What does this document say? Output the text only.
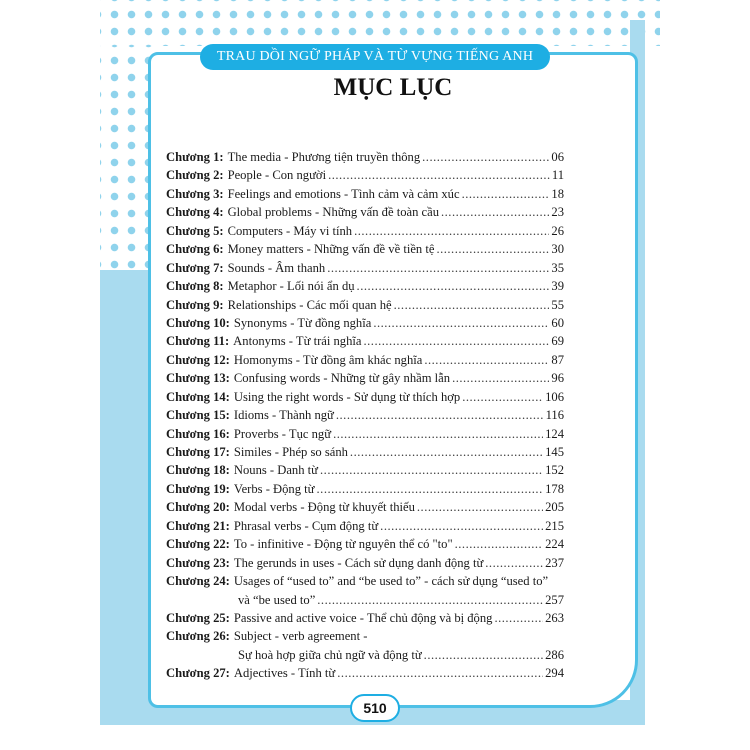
TRAU DỒI NGỮ PHÁP VÀ TỪ VỰNG TIẾNG ANH
MỤC LỤC
Chương 1: The media - Phương tiện truyền thông .....	06
Chương 2: People - Con người .....	11
Chương 3: Feelings and emotions - Tình cảm và cảm xúc .....	18
Chương 4: Global problems - Những vấn đề toàn cầu .....	23
Chương 5: Computers - Máy vi tính .....	26
Chương 6: Money matters - Những vấn đề về tiền tệ .....	30
Chương 7: Sounds - Âm thanh .....	35
Chương 8: Metaphor - Lối nói ẩn dụ .....	39
Chương 9: Relationships - Các mối quan hệ .....	55
Chương 10: Synonyms - Từ đồng nghĩa .....	60
Chương 11: Antonyms - Từ trái nghĩa .....	69
Chương 12: Homonyms - Từ đồng âm khác nghĩa .....	87
Chương 13: Confusing words - Những từ gây nhầm lẫn .....	96
Chương 14: Using the right words - Sử dụng từ thích hợp .....	106
Chương 15: Idioms - Thành ngữ .....	116
Chương 16: Proverbs - Tục ngữ .....	124
Chương 17: Similes - Phép so sánh .....	145
Chương 18: Nouns - Danh từ .....	152
Chương 19: Verbs - Động từ .....	178
Chương 20: Modal verbs - Động từ khuyết thiếu .....	205
Chương 21: Phrasal verbs - Cụm động từ .....	215
Chương 22: To - infinitive - Động từ nguyên thể có "to" .....	224
Chương 23: The gerunds in uses - Cách sử dụng danh động từ .....	237
Chương 24: Usages of “used to” and “be used to” - cách sử dụng “used to”
và “be used to” .....	257
Chương 25: Passive and active voice - Thể chủ động và bị động .....	263
Chương 26: Subject - verb agreement -
Sự hoà hợp giữa chủ ngữ và động từ .....	286
Chương 27: Adjectives - Tính từ .....	294
510
